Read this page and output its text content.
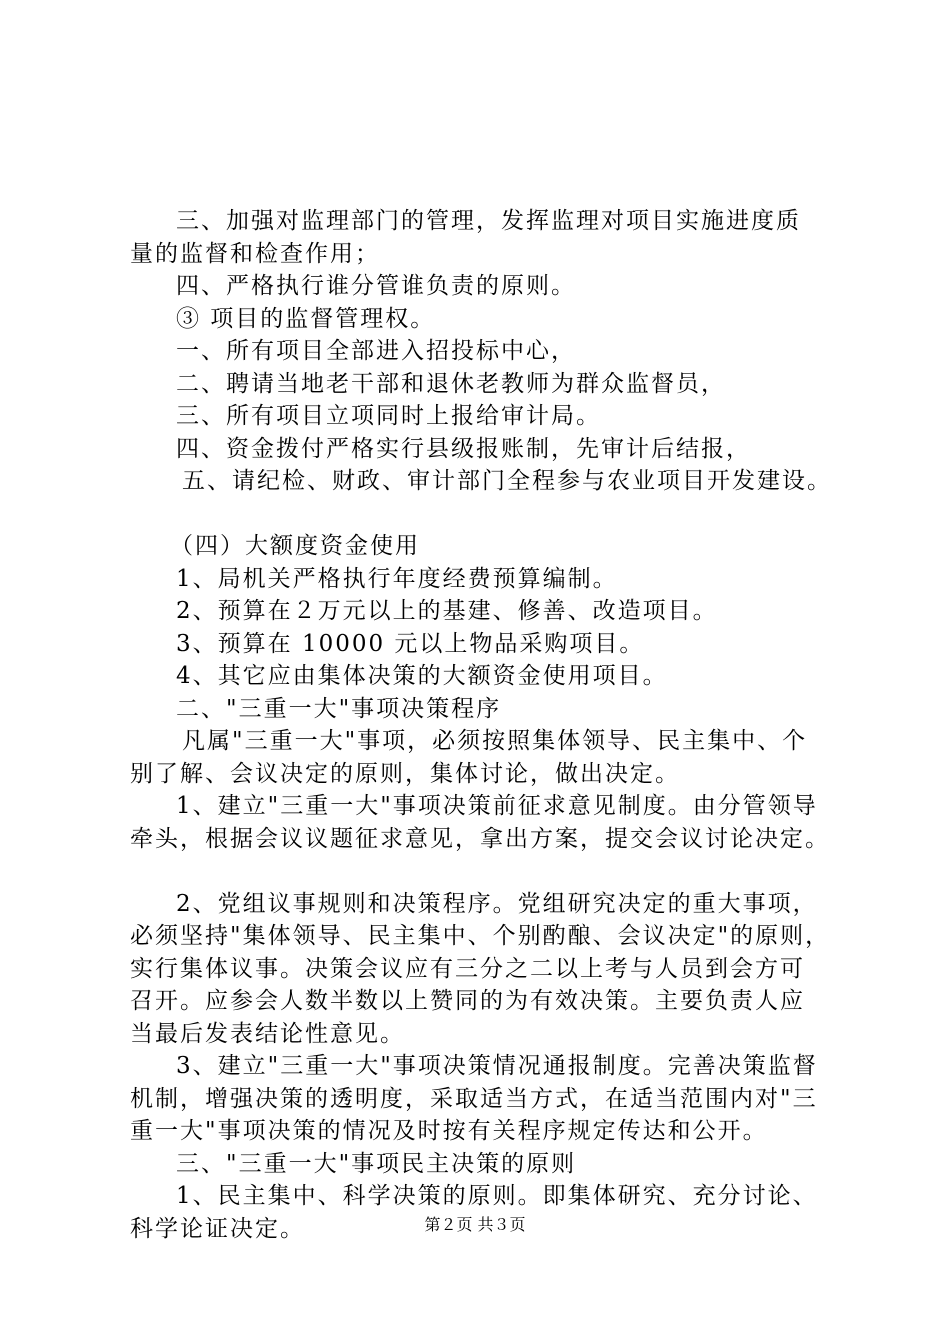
三、加强对监理部门的管理，发挥监理对项目实施进度质
量的监督和检查作用；
四、严格执行谁分管谁负责的原则。
③ 项目的监督管理权。
一、所有项目全部进入招投标中心，
二、聘请当地老干部和退休老教师为群众监督员，
三、所有项目立项同时上报给审计局。
四、资金拨付严格实行县级报账制，先审计后结报，
五、请纪检、财政、审计部门全程参与农业项目开发建设。
（四）大额度资金使用
1、局机关严格执行年度经费预算编制。
2、预算在２万元以上的基建、修善、改造项目。
3、预算在 10000 元以上物品采购项目。
4、其它应由集体决策的大额资金使用项目。
二、"三重一大"事项决策程序
凡属"三重一大"事项，必须按照集体领导、民主集中、个
别了解、会议决定的原则，集体讨论，做出决定。
1、建立"三重一大"事项决策前征求意见制度。由分管领导
牵头，根据会议议题征求意见，拿出方案，提交会议讨论决定。
2、党组议事规则和决策程序。党组研究决定的重大事项，
必须坚持"集体领导、民主集中、个别酌酿、会议决定"的原则，
实行集体议事。决策会议应有三分之二以上考与人员到会方可
召开。应参会人数半数以上赞同的为有效决策。主要负责人应
当最后发表结论性意见。
3、建立"三重一大"事项决策情况通报制度。完善决策监督
机制，增强决策的透明度，采取适当方式，在适当范围内对"三
重一大"事项决策的情况及时按有关程序规定传达和公开。
三、"三重一大"事项民主决策的原则
1、民主集中、科学决策的原则。即集体研究、充分讨论、
科学论证决定。	第２页 共３页
